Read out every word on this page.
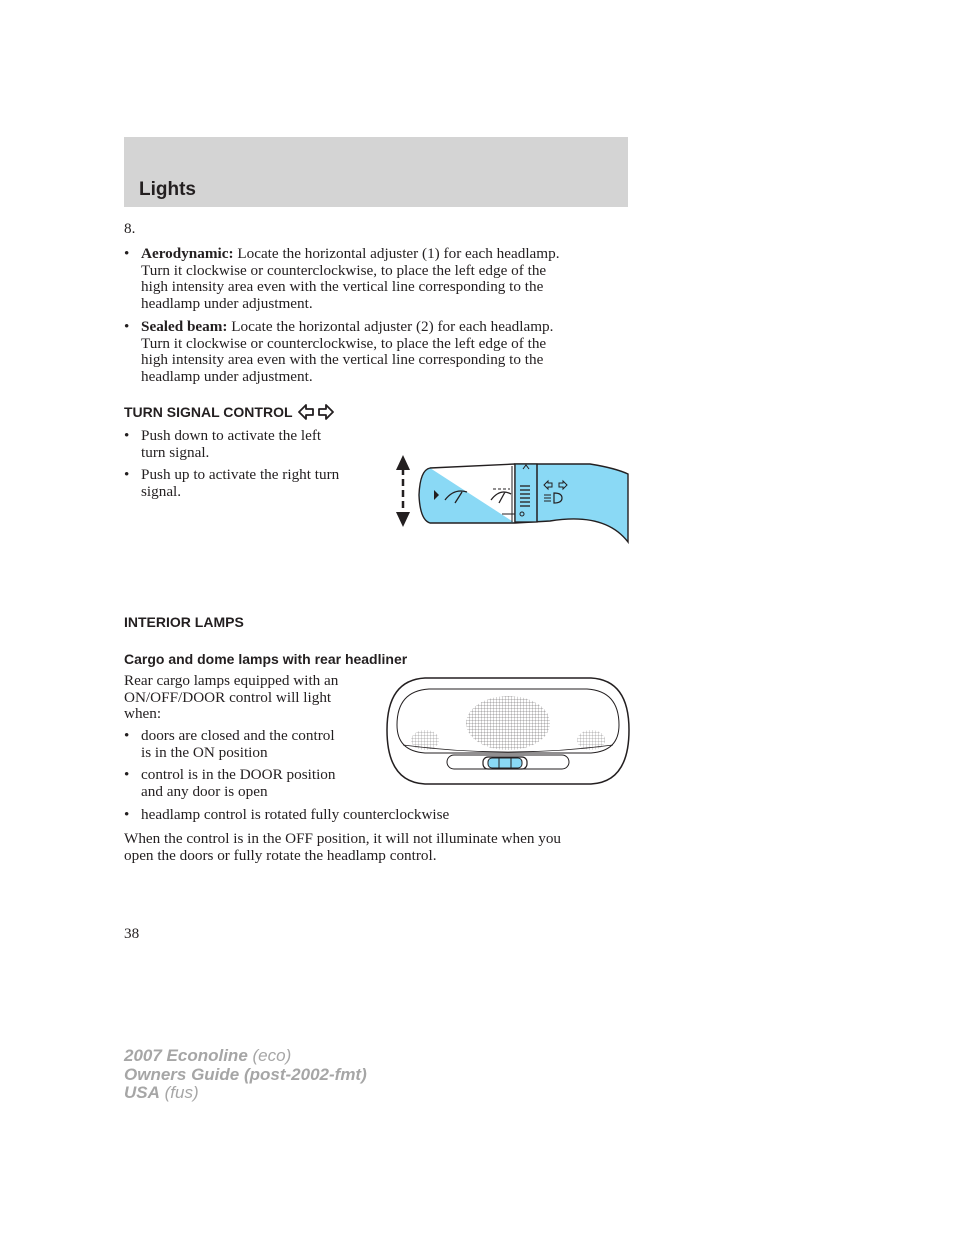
Lights
8.
• Aerodynamic: Locate the horizontal adjuster (1) for each headlamp.
Turn it clockwise or counterclockwise, to place the left edge of the
high intensity area even with the vertical line corresponding to the
headlamp under adjustment.
• Sealed beam: Locate the horizontal adjuster (2) for each headlamp.
Turn it clockwise or counterclockwise, to place the left edge of the
high intensity area even with the vertical line corresponding to the
headlamp under adjustment.
TURN SIGNAL CONTROL
• Push down to activate the left
turn signal.
• Push up to activate the right turn
signal.
INTERIOR LAMPS
Cargo and dome lamps with rear headliner
Rear cargo lamps equipped with an
ON/OFF/DOOR control will light
when:
• doors are closed and the control
is in the ON position
• control is in the DOOR position
and any door is open
• headlamp control is rotated fully counterclockwise
When the control is in the OFF position, it will not illuminate when you
open the doors or fully rotate the headlamp control.
38
2007 Econoline (eco)
Owners Guide (post-2002-fmt)
USA (fus)
